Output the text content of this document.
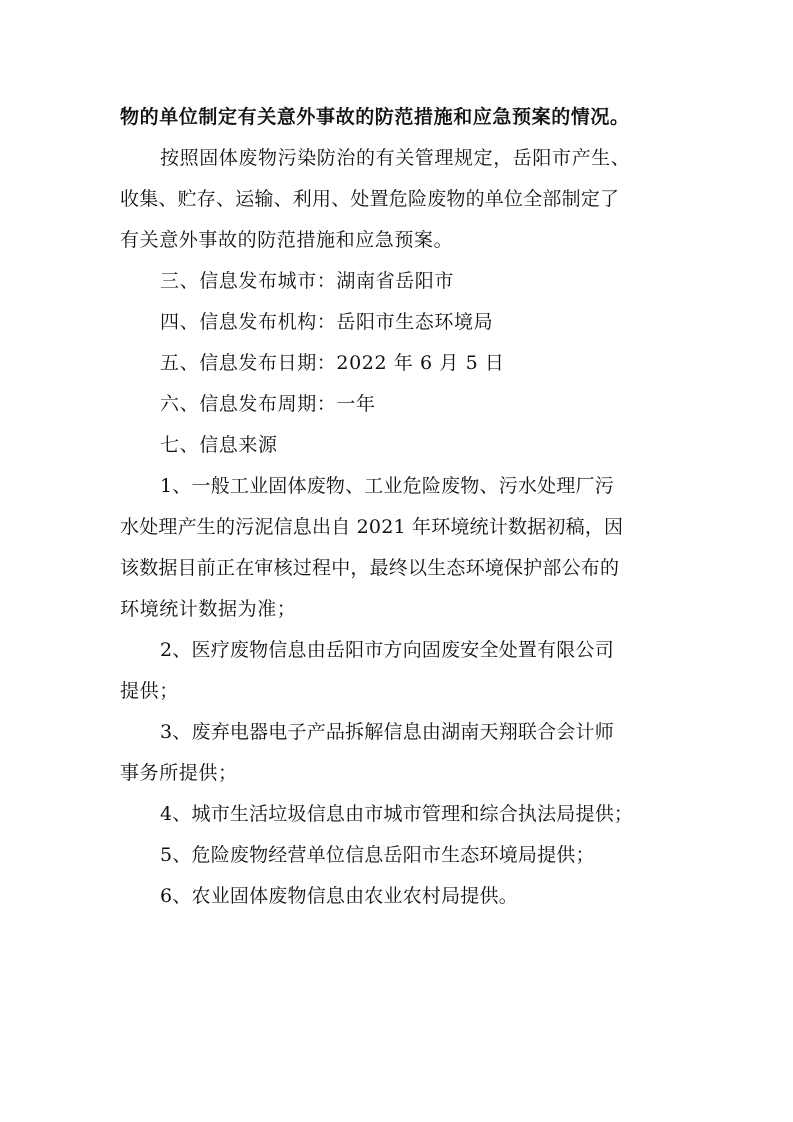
物的单位制定有关意外事故的防范措施和应急预案的情况。
按照固体废物污染防治的有关管理规定，岳阳市产生、
收集、贮存、运输、利用、处置危险废物的单位全部制定了
有关意外事故的防范措施和应急预案。
三、信息发布城市：湖南省岳阳市
四、信息发布机构：岳阳市生态环境局
五、信息发布日期：2022 年 6 月 5 日
六、信息发布周期：一年
七、信息来源
1、一般工业固体废物、工业危险废物、污水处理厂污
水处理产生的污泥信息出自 2021 年环境统计数据初稿，因
该数据目前正在审核过程中，最终以生态环境保护部公布的
环境统计数据为准；
2、医疗废物信息由岳阳市方向固废安全处置有限公司
提供；
3、废弃电器电子产品拆解信息由湖南天翔联合会计师
事务所提供；
4、城市生活垃圾信息由市城市管理和综合执法局提供；
5、危险废物经营单位信息岳阳市生态环境局提供；
6、农业固体废物信息由农业农村局提供。
